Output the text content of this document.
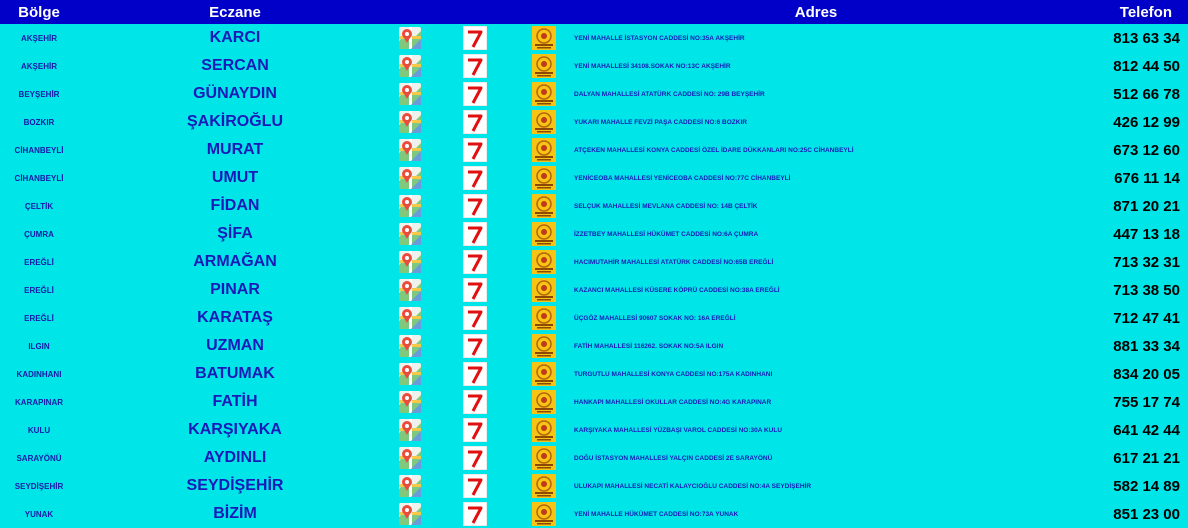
Bölge	Eczane				Adres	Telefon
AKŞEHİR	KARCI				YENİ MAHALLE İSTASYON CADDESİ NO:35A AKŞEHİR	813 63 34
AKŞEHİR	SERCAN				YENİ MAHALLESİ 34108.SOKAK NO:13C AKŞEHİR	812 44 50
BEYŞEHİR	GÜNAYDIN				DALYAN MAHALLESİ ATATÜRK CADDESİ NO: 29B BEYŞEHİR	512 66 78
BOZKIR	ŞAKİROĞLU				YUKARI MAHALLE FEVZİ PAŞA CADDESİ NO:6 BOZKIR	426 12 99
CİHANBEYLİ	MURAT				ATÇEKEN MAHALLESİ KONYA CADDESİ ÖZEL İDARE DÜKKANLARI NO:25C CİHANBEYLİ	673 12 60
CİHANBEYLİ	UMUT				YENİCEOBA MAHALLESİ YENİCEOBA CADDESİ NO:77C CİHANBEYLİ	676 11 14
ÇELTİK	FİDAN				SELÇUK MAHALLESİ MEVLANA CADDESİ NO: 14B ÇELTİK	871 20 21
ÇUMRA	ŞİFA				İZZETBEY MAHALLESİ HÜKÜMET CADDESİ NO:6A ÇUMRA	447 13 18
EREĞLİ	ARMAĞAN				HACIMUTAHİR MAHALLESİ ATATÜRK CADDESİ NO:65B EREĞLİ	713 32 31
EREĞLİ	PINAR				KAZANCI MAHALLESİ KÜSERE KÖPRÜ CADDESİ NO:38A EREĞLİ	713 38 50
EREĞLİ	KARATAŞ				ÜÇGÖZ MAHALLESİ 90607 SOKAK NO: 16A EREĞLİ	712 47 41
ILGIN	UZMAN				FATİH MAHALLESİ 116262. SOKAK NO:5A ILGIN	881 33 34
KADINHANI	BATUMAK				TURGUTLU MAHALLESİ KONYA CADDESİ NO:175A KADINHANI	834 20 05
KARAPINAR	FATİH				HANKAPI MAHALLESİ OKULLAR CADDESİ NO:4G KARAPINAR	755 17 74
KULU	KARŞIYAKA				KARŞIYAKA MAHALLESİ YÜZBAŞI VAROL CADDESİ NO:30A KULU	641 42 44
SARAYÖNÜ	AYDINLI				DOĞU İSTASYON MAHALLESİ YALÇIN CADDESİ 2E SARAYÖNÜ	617 21 21
SEYDİŞEHİR	SEYDİŞEHİR				ULUKAPI MAHALLESİ NECATİ KALAYCIOĞLU CADDESİ NO:4A SEYDİŞEHİR	582 14 89
YUNAK	BİZİM				YENİ MAHALLE HÜKÜMET CADDESİ NO:73A YUNAK	851 23 00
